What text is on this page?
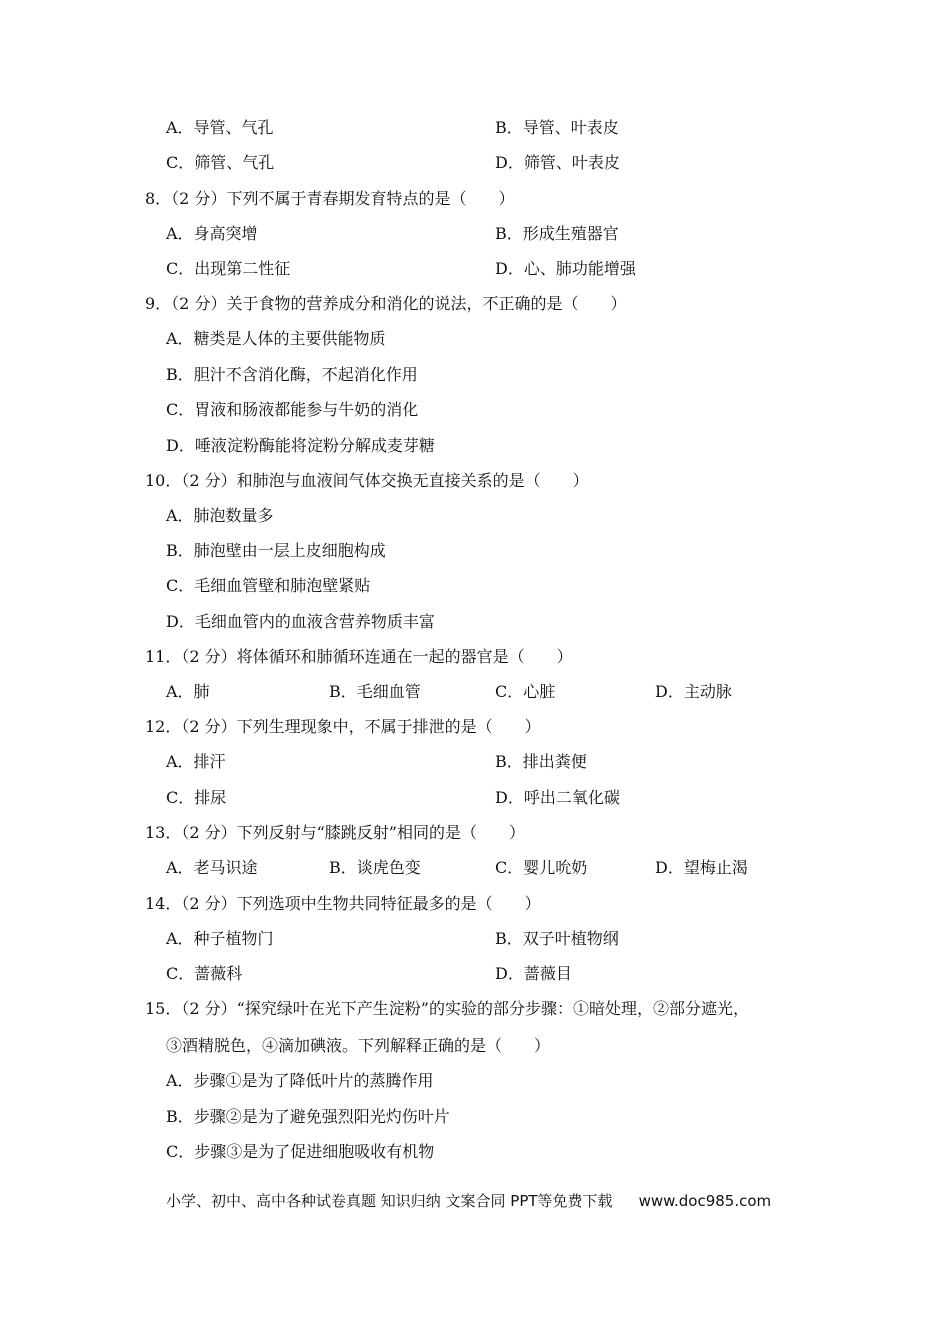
A．导管、气孔	B．导管、叶表皮
C．筛管、气孔	D．筛管、叶表皮
8．（2 分）下列不属于青春期发育特点的是（　　）
A．身高突增	B．形成生殖器官
C．出现第二性征	D．心、肺功能增强
9．（2 分）关于食物的营养成分和消化的说法，不正确的是（　　）
A．糖类是人体的主要供能物质
B．胆汁不含消化酶，不起消化作用
C．胃液和肠液都能参与牛奶的消化
D．唾液淀粉酶能将淀粉分解成麦芽糖
10．（2 分）和肺泡与血液间气体交换无直接关系的是（　　）
A．肺泡数量多
B．肺泡壁由一层上皮细胞构成
C．毛细血管壁和肺泡壁紧贴
D．毛细血管内的血液含营养物质丰富
11．（2 分）将体循环和肺循环连通在一起的器官是（　　）
A．肺	B．毛细血管	C．心脏	D．主动脉
12．（2 分）下列生理现象中，不属于排泄的是（　　）
A．排汗	B．排出粪便
C．排尿	D．呼出二氧化碳
13．（2 分）下列反射与“膝跳反射”相同的是（　　）
A．老马识途	B．谈虎色变	C．婴儿吮奶	D．望梅止渴
14．（2 分）下列选项中生物共同特征最多的是（　　）
A．种子植物门	B．双子叶植物纲
C．蔷薇科	D．蔷薇目
15．（2 分）“探究绿叶在光下产生淀粉”的实验的部分步骤：①暗处理，②部分遮光，
③酒精脱色，④滴加碘液。下列解释正确的是（　　）
A．步骤①是为了降低叶片的蒸腾作用
B．步骤②是为了避免强烈阳光灼伤叶片
C．步骤③是为了促进细胞吸收有机物
小学、初中、高中各种试卷真题 知识归纳 文案合同 PPT等免费下载 www.doc985.com
